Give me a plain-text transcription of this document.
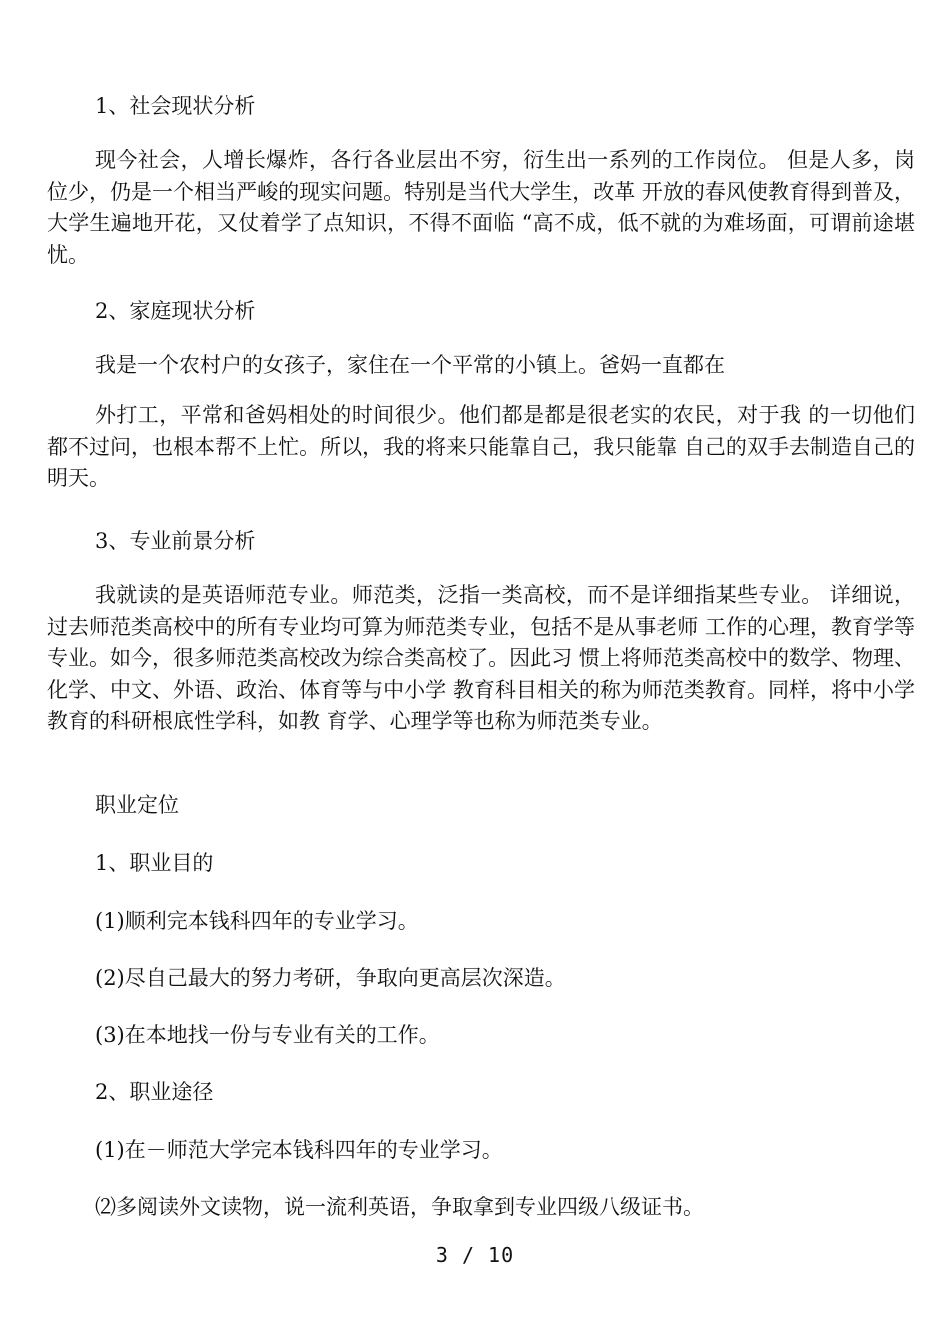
1、社会现状分析

现今社会，人增长爆炸，各行各业层出不穷，衍生出一系列的工作岗位。 但是人多，岗位少，仍是一个相当严峻的现实问题。特别是当代大学生，改革 开放的春风使教育得到普及，大学生遍地开花，又仗着学了点知识，不得不面临 “高不成，低不就的为难场面，可谓前途堪忧。

2、家庭现状分析

我是一个农村户的女孩子，家住在一个平常的小镇上。爸妈一直都在

外打工，平常和爸妈相处的时间很少。他们都是都是很老实的农民，对于我 的一切他们都不过问，也根本帮不上忙。所以，我的将来只能靠自己，我只能靠 自己的双手去制造自己的明天。

3、专业前景分析

我就读的是英语师范专业。师范类，泛指一类高校，而不是详细指某些专业。 详细说，过去师范类高校中的所有专业均可算为师范类专业，包括不是从事老师 工作的心理，教育学等专业。如今，很多师范类高校改为综合类高校了。因此习 惯上将师范类高校中的数学、物理、化学、中文、外语、政治、体育等与中小学 教育科目相关的称为师范类教育。同样，将中小学教育的科研根底性学科，如教 育学、心理学等也称为师范类专业。

职业定位

1、职业目的

(1)顺利完本钱科四年的专业学习。

(2)尽自己最大的努力考研，争取向更高层次深造。

(3)在本地找一份与专业有关的工作。

2、职业途径

(1)在－师范大学完本钱科四年的专业学习。

⑵多阅读外文读物，说一流利英语，争取拿到专业四级八级证书。

3 / 10
